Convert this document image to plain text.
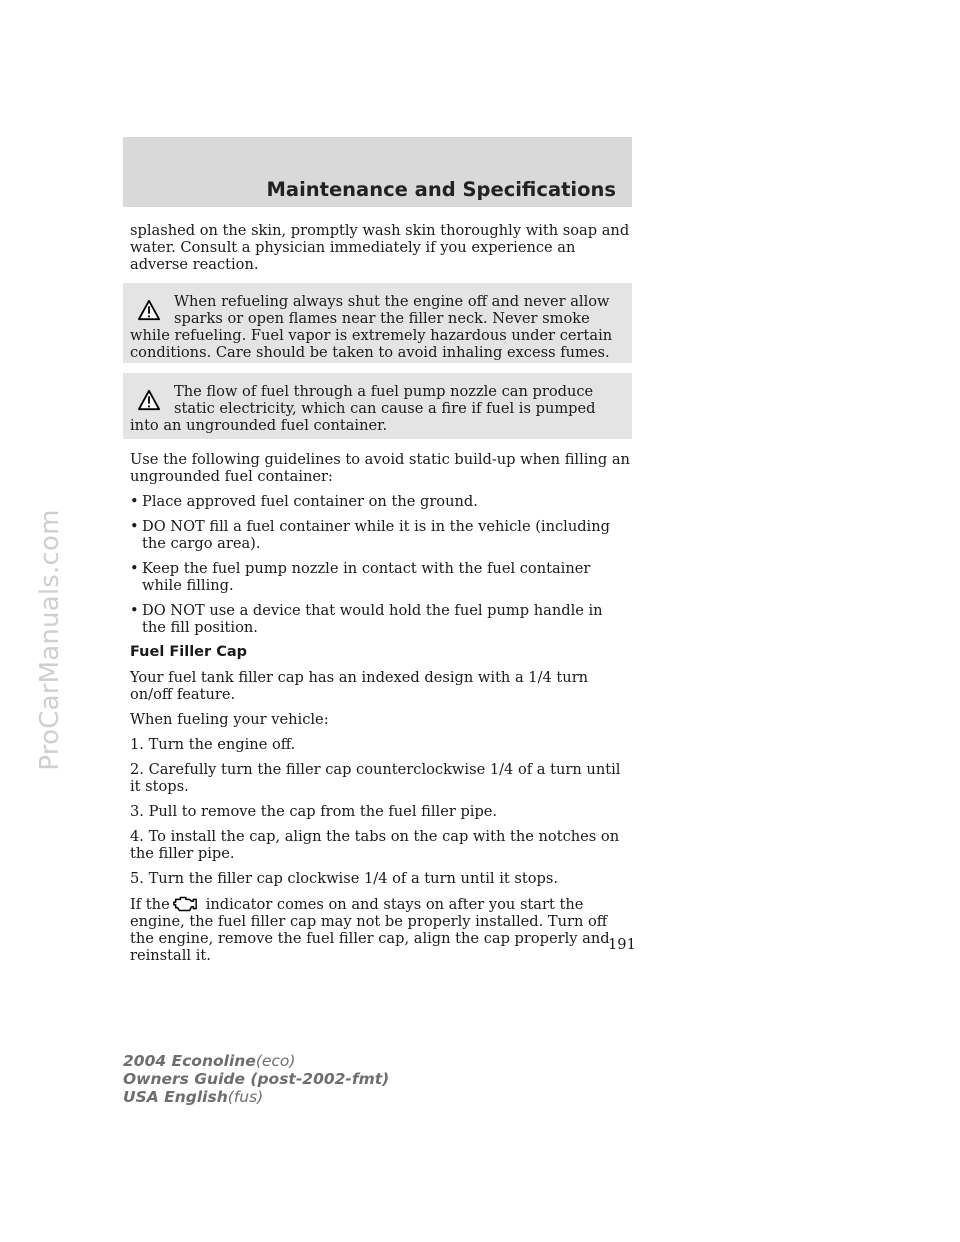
ProCarManuals.com
Maintenance and Specifications

splashed on the skin, promptly wash skin thoroughly with soap and water. Consult a physician immediately if you experience an adverse reaction.

When refueling always shut the engine off and never allow sparks or open flames near the filler neck. Never smoke while refueling. Fuel vapor is extremely hazardous under certain conditions. Care should be taken to avoid inhaling excess fumes.

The flow of fuel through a fuel pump nozzle can produce static electricity, which can cause a fire if fuel is pumped into an ungrounded fuel container.

Use the following guidelines to avoid static build-up when filling an ungrounded fuel container:

• Place approved fuel container on the ground.
• DO NOT fill a fuel container while it is in the vehicle (including the cargo area).
• Keep the fuel pump nozzle in contact with the fuel container while filling.
• DO NOT use a device that would hold the fuel pump handle in the fill position.
Fuel Filler Cap

Your fuel tank filler cap has an indexed design with a 1/4 turn on/off feature.

When fueling your vehicle:

1. Turn the engine off.

2. Carefully turn the filler cap counterclockwise 1/4 of a turn until it stops.

3. Pull to remove the cap from the fuel filler pipe.

4. To install the cap, align the tabs on the cap with the notches on the filler pipe.

5. Turn the filler cap clockwise 1/4 of a turn until it stops.

If the indicator comes on and stays on after you start the engine, the fuel filler cap may not be properly installed. Turn off the engine, remove the fuel filler cap, align the cap properly and reinstall it.

191
2004 Econoline(eco)
Owners Guide (post-2002-fmt)
USA English(fus)
